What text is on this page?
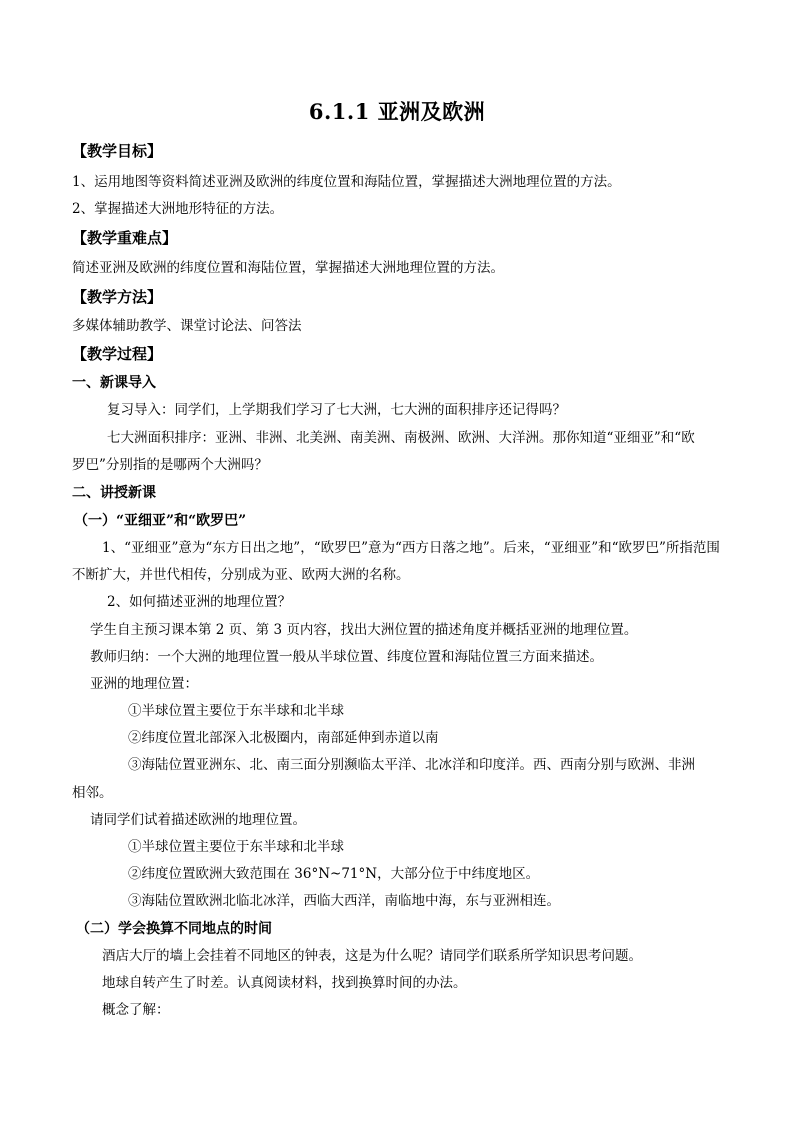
6.1.1 亚洲及欧洲
【教学目标】
1、运用地图等资料简述亚洲及欧洲的纬度位置和海陆位置，掌握描述大洲地理位置的方法。
2、掌握描述大洲地形特征的方法。
【教学重难点】
简述亚洲及欧洲的纬度位置和海陆位置，掌握描述大洲地理位置的方法。
【教学方法】
多媒体辅助教学、课堂讨论法、问答法
【教学过程】
一、新课导入
复习导入：同学们，上学期我们学习了七大洲，七大洲的面积排序还记得吗？
七大洲面积排序：亚洲、非洲、北美洲、南美洲、南极洲、欧洲、大洋洲。那你知道“亚细亚”和“欧
罗巴”分别指的是哪两个大洲吗？
二、讲授新课
（一）“亚细亚”和“欧罗巴”
1、“亚细亚”意为“东方日出之地”，“欧罗巴”意为“西方日落之地”。后来，“亚细亚”和“欧罗巴”所指范围
不断扩大，并世代相传，分别成为亚、欧两大洲的名称。
2、如何描述亚洲的地理位置？
学生自主预习课本第 2 页、第 3 页内容，找出大洲位置的描述角度并概括亚洲的地理位置。
教师归纳：一个大洲的地理位置一般从半球位置、纬度位置和海陆位置三方面来描述。
亚洲的地理位置：
①半球位置主要位于东半球和北半球
②纬度位置北部深入北极圈内，南部延伸到赤道以南
③海陆位置亚洲东、北、南三面分别濒临太平洋、北冰洋和印度洋。西、西南分别与欧洲、非洲
相邻。
请同学们试着描述欧洲的地理位置。
①半球位置主要位于东半球和北半球
②纬度位置欧洲大致范围在 36°N~71°N，大部分位于中纬度地区。
③海陆位置欧洲北临北冰洋，西临大西洋，南临地中海，东与亚洲相连。
（二）学会换算不同地点的时间
酒店大厅的墙上会挂着不同地区的钟表，这是为什么呢？请同学们联系所学知识思考问题。
地球自转产生了时差。认真阅读材料，找到换算时间的办法。
概念了解：
